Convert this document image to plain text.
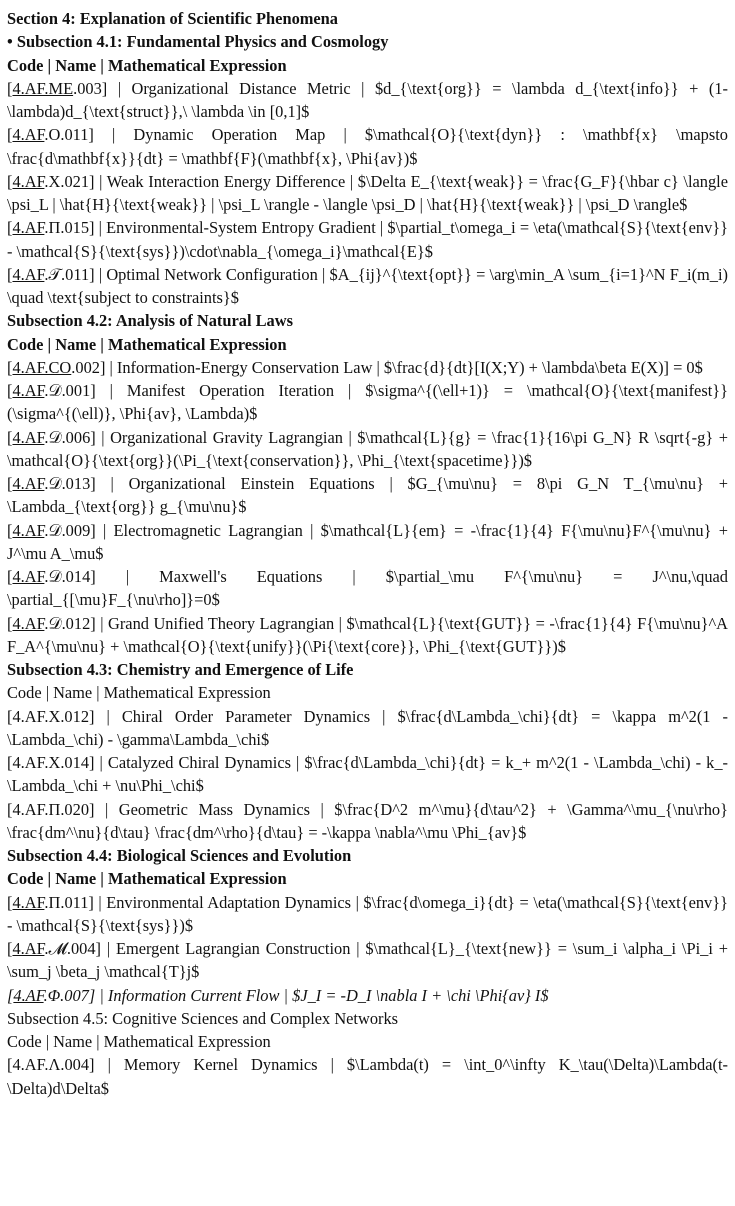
Section 4: Explanation of Scientific Phenomena
• Subsection 4.1: Fundamental Physics and Cosmology
Code | Name | Mathematical Expression
[4.AF.ME.003] | Organizational Distance Metric | $d_{\text{org}} = \lambda d_{\text{info}} + (1-\lambda)d_{\text{struct}},\ \lambda \in [0,1]$
[4.AF.O.011] | Dynamic Operation Map | $\mathcal{O}{\text{dyn}} : \mathbf{x} \mapsto \frac{d\mathbf{x}}{dt} = \mathbf{F}(\mathbf{x}, \Phi{av})$
[4.AF.X.021] | Weak Interaction Energy Difference | $\Delta E_{\text{weak}} = \frac{G_F}{\hbar c} \langle \psi_L | \hat{H}{\text{weak}} | \psi_L \rangle - \langle \psi_D | \hat{H}{\text{weak}} | \psi_D \rangle$
[4.AF.Π.015] | Environmental-System Entropy Gradient | $\partial_t\omega_i = \eta(\mathcal{S}{\text{env}} - \mathcal{S}{\text{sys}})\cdot\nabla_{\omega_i}\mathcal{E}$
[4.AF.𝒯.011] | Optimal Network Configuration | $A_{ij}^{\text{opt}} = \arg\min_A \sum_{i=1}^N F_i(m_i) \quad \text{subject to constraints}$
Subsection 4.2: Analysis of Natural Laws
Code | Name | Mathematical Expression
[4.AF.CO.002] | Information-Energy Conservation Law | $\frac{d}{dt}[I(X;Y) + \lambda\beta E(X)] = 0$
[4.AF.𝒟.001] | Manifest Operation Iteration | $\sigma^{(\ell+1)} = \mathcal{O}{\text{manifest}}(\sigma^{(\ell)}, \Phi{av}, \Lambda)$
[4.AF.𝒟.006] | Organizational Gravity Lagrangian | $\mathcal{L}{g} = \frac{1}{16\pi G_N} R \sqrt{-g} + \mathcal{O}{\text{org}}(\Pi_{\text{conservation}}, \Phi_{\text{spacetime}})$
[4.AF.𝒟.013] | Organizational Einstein Equations | $G_{\mu\nu} = 8\pi G_N T_{\mu\nu} + \Lambda_{\text{org}} g_{\mu\nu}$
[4.AF.𝒟.009] | Electromagnetic Lagrangian | $\mathcal{L}{em} = -\frac{1}{4} F{\mu\nu}F^{\mu\nu} + J^\mu A_\mu$
[4.AF.𝒟.014] | Maxwell's Equations | $\partial_\mu F^{\mu\nu} = J^\nu,\quad \partial_{[\mu}F_{\nu\rho]}=0$
[4.AF.𝒟.012] | Grand Unified Theory Lagrangian | $\mathcal{L}{\text{GUT}} = -\frac{1}{4} F{\mu\nu}^A F_A^{\mu\nu} + \mathcal{O}{\text{unify}}(\Pi{\text{core}}, \Phi_{\text{GUT}})$
Subsection 4.3: Chemistry and Emergence of Life
Code | Name | Mathematical Expression
[4.AF.X.012] | Chiral Order Parameter Dynamics | $\frac{d\Lambda_\chi}{dt} = \kappa m^2(1 - \Lambda_\chi) - \gamma\Lambda_\chi$
[4.AF.X.014] | Catalyzed Chiral Dynamics | $\frac{d\Lambda_\chi}{dt} = k_+ m^2(1 - \Lambda_\chi) - k_- \Lambda_\chi + \nu\Phi_\chi$
[4.AF.Π.020] | Geometric Mass Dynamics | $\frac{D^2 m^\mu}{d\tau^2} + \Gamma^\mu_{\nu\rho} \frac{dm^\nu}{d\tau} \frac{dm^\rho}{d\tau} = -\kappa \nabla^\mu \Phi_{av}$
Subsection 4.4: Biological Sciences and Evolution
Code | Name | Mathematical Expression
[4.AF.Π.011] | Environmental Adaptation Dynamics | $\frac{d\omega_i}{dt} = \eta(\mathcal{S}{\text{env}} - \mathcal{S}{\text{sys}})$
[4.AF.𝓜.004] | Emergent Lagrangian Construction | $\mathcal{L}_{\text{new}} = \sum_i \alpha_i \Pi_i + \sum_j \beta_j \mathcal{T}j$
[4.AF.Φ.007] | Information Current Flow | $J_I = -D_I \nabla I + \chi \Phi{av} I$
Subsection 4.5: Cognitive Sciences and Complex Networks
Code | Name | Mathematical Expression
[4.AF.Λ.004] | Memory Kernel Dynamics | $\Lambda(t) = \int_0^\infty K_\tau(\Delta)\Lambda(t-\Delta)d\Delta$
